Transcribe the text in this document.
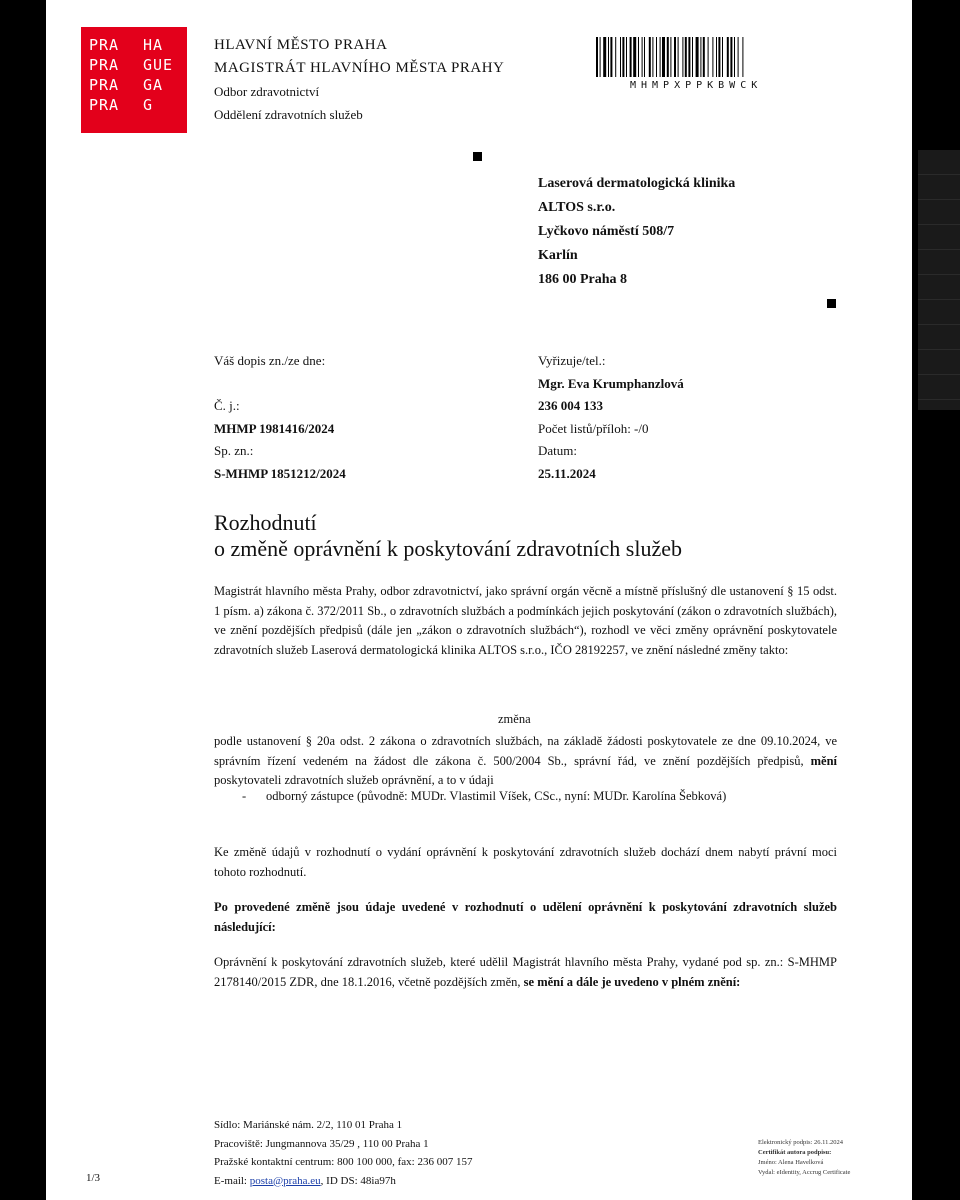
PRA	HA
PRA	GUE
PRA	GA
PRA	G
HLAVNÍ MĚSTO PRAHA
MAGISTRÁT HLAVNÍHO MĚSTA PRAHY
Odbor zdravotnictví
Oddělení zdravotních služeb
MHMPXPPKBWCK
Laserová dermatologická klinika
ALTOS s.r.o.
Lyčkovo náměstí 508/7
Karlín
186 00 Praha 8
Váš dopis zn./ze dne:

Č. j.:
MHMP 1981416/2024
Sp. zn.:
S-MHMP 1851212/2024
Vyřizuje/tel.:
Mgr. Eva Krumphanzlová
236 004 133
Počet listů/příloh: -/0
Datum:
25.11.2024
Rozhodnutí
o změně oprávnění k poskytování zdravotních služeb
Magistrát hlavního města Prahy, odbor zdravotnictví, jako správní orgán věcně a místně příslušný dle ustanovení § 15 odst. 1 písm. a) zákona č. 372/2011 Sb., o zdravotních službách a podmínkách jejich poskytování (zákon o zdravotních službách), ve znění pozdějších předpisů (dále jen „zákon o zdravotních službách“), rozhodl ve věci změny oprávnění poskytovatele zdravotních služeb Laserová dermatologická klinika ALTOS s.r.o., IČO 28192257, ve znění následné změny takto:
změna
podle ustanovení § 20a odst. 2 zákona o zdravotních službách, na základě žádosti poskytovatele ze dne 09.10.2024, ve správním řízení vedeném na žádost dle zákona č. 500/2004 Sb., správní řád, ve znění pozdějších předpisů, mění poskytovateli zdravotních služeb oprávnění, a to v údaji
-	odborný zástupce (původně: MUDr. Vlastimil Víšek, CSc., nyní: MUDr. Karolína Šebková)
Ke změně údajů v rozhodnutí o vydání oprávnění k poskytování zdravotních služeb dochází dnem nabytí právní moci tohoto rozhodnutí.
Po provedené změně jsou údaje uvedené v rozhodnutí o udělení oprávnění k poskytování zdravotních služeb následující:
Oprávnění k poskytování zdravotních služeb, které udělil Magistrát hlavního města Prahy, vydané pod sp. zn.: S-MHMP 2178140/2015 ZDR, dne 18.1.2016, včetně pozdějších změn, se mění a dále je uvedeno v plném znění:
Sídlo: Mariánské nám. 2/2, 110 01 Praha 1
Pracoviště: Jungmannova 35/29 , 110 00 Praha 1
Pražské kontaktní centrum: 800 100 000, fax: 236 007 157
E-mail: posta@praha.eu, ID DS: 48ia97h
1/3
Elektronický podpis: 26.11.2024
Certifikát autora podpisu:
Jméno: Alena Havelková
Vydal: eIdentity, Accrug Certificate
